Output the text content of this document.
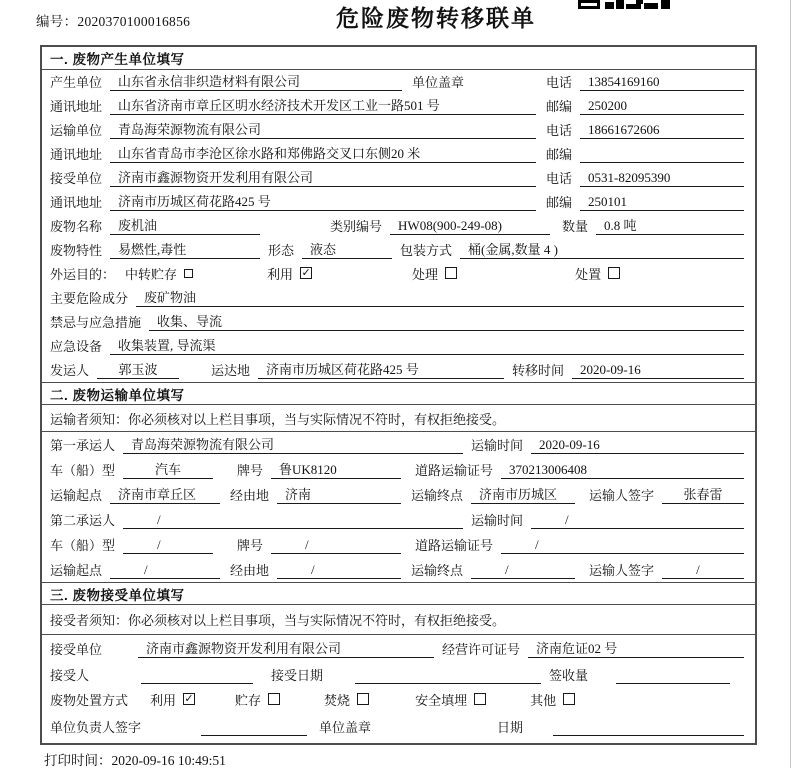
编号：2020370100016856	危险废物转移联单
一. 废物产生单位填写
产生单位	山东省永信非织造材料有限公司	单位盖章	电话	13854169160
通讯地址	山东省济南市章丘区明水经济技术开发区工业一路501 号	邮编	250200
运输单位	青岛海荣源物流有限公司	电话	18661672606
通讯地址	山东省青岛市李沧区徐水路和郑佛路交叉口东侧20 米	邮编
接受单位	济南市鑫源物资开发利用有限公司	电话	0531-82095390
通讯地址	济南市历城区荷花路425 号	邮编	250101
废物名称	废机油	类别编号	HW08(900-249-08)	数量	0.8 吨
废物特性	易燃性,毒性	形态	液态	包装方式	桶(金属,数量 4 )
外运目的： 中转贮存	利用 ✓	处理	处置
主要危险成分	废矿物油
禁忌与应急措施	收集、导流
应急设备	收集装置, 导流渠
发运人	郭玉波	运达地	济南市历城区荷花路425 号	转移时间	2020-09-16
二. 废物运输单位填写
运输者须知：你必须核对以上栏目事项，当与实际情况不符时，有权拒绝接受。
第一承运人	青岛海荣源物流有限公司	运输时间	2020-09-16
车（船）型	汽车	牌号	鲁UK8120	道路运输证号	370213006408
运输起点	济南市章丘区	经由地	济南	运输终点	济南市历城区	运输人签字	张春雷
第二承运人	/	运输时间	/
车（船）型	/	牌号	/	道路运输证号	/
运输起点	/	经由地	/	运输终点	/	运输人签字	/
三. 废物接受单位填写
接受者须知：你必须核对以上栏目事项，当与实际情况不符时，有权拒绝接受。
接受单位	济南市鑫源物资开发利用有限公司	经营许可证号	济南危证02 号
接受人	接受日期	签收量
废物处置方式 利用 ✓	贮存	焚烧	安全填埋	其他
单位负责人签字	单位盖章	日期
打印时间：2020-09-16 10:49:51
